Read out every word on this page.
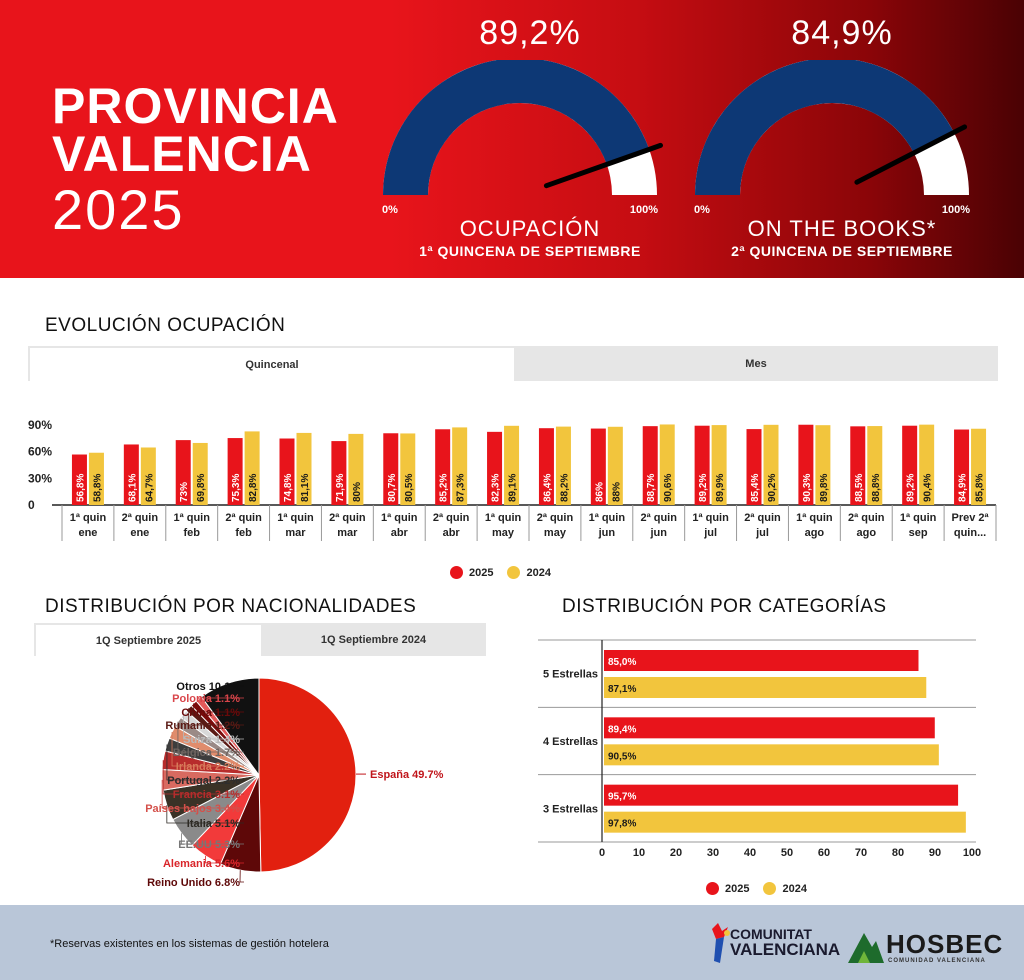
PROVINCIA
VALENCIA
2025
89,2%
0%	100%
OCUPACIÓN
1ª QUINCENA DE SEPTIEMBRE
84,9%
0%	100%
ON THE BOOKS*
2ª QUINCENA DE SEPTIEMBRE
EVOLUCIÓN OCUPACIÓN
Quincenal	Mes
0
30%
60%
90%
56,8% 58,8%
1ª quin
ene
68,1% 64,7%
2ª quin
ene
73% 69,8%
1ª quin
feb
75,3% 82,8%
2ª quin
feb
74,8% 81,1%
1ª quin
mar
71,9% 80%
2ª quin
mar
80,7% 80,5%
1ª quin
abr
85,2% 87,3%
2ª quin
abr
82,3% 89,1%
1ª quin
may
86,4% 88,2%
2ª quin
may
86% 88%
1ª quin
jun
88,7% 90,6%
2ª quin
jun
89,2% 89,9%
1ª quin
jul
85,4% 90,2%
2ª quin
jul
90,3% 89,8%
1ª quin
ago
88,5% 88,8%
2ª quin
ago
89,2% 90,4%
1ª quin
sep
84,9% 85,8%
Prev 2ª
quin...
2025	2024
DISTRIBUCIÓN POR NACIONALIDADES
1Q Septiembre 2025	1Q Septiembre 2024
España 49.7%
Reino Unido 6.8%
Alemania 5.6%
EE.UU 5.3%
Italia 5.1%
Países bajos 3.4%
Francia 3.1%
Portugal 2.2%
Irlanda 2.2%
Bélgica 1.7%
Suiza 1.4%
Rumania 1.2%
China 1.1%
Polonia 1.1%
Otros 10.1%
DISTRIBUCIÓN POR CATEGORÍAS
5 Estrellas
85,0%
87,1%
4 Estrellas
89,4%
90,5%
3 Estrellas
95,7%
97,8%
0	10 20 30 40 50 60 70 80 90 100
2025	2024
*Reservas existentes en los sistemas de gestión hotelera
COMUNITAT
VALENCIANA HOSBEC
COMUNIDAD VALENCIANA
